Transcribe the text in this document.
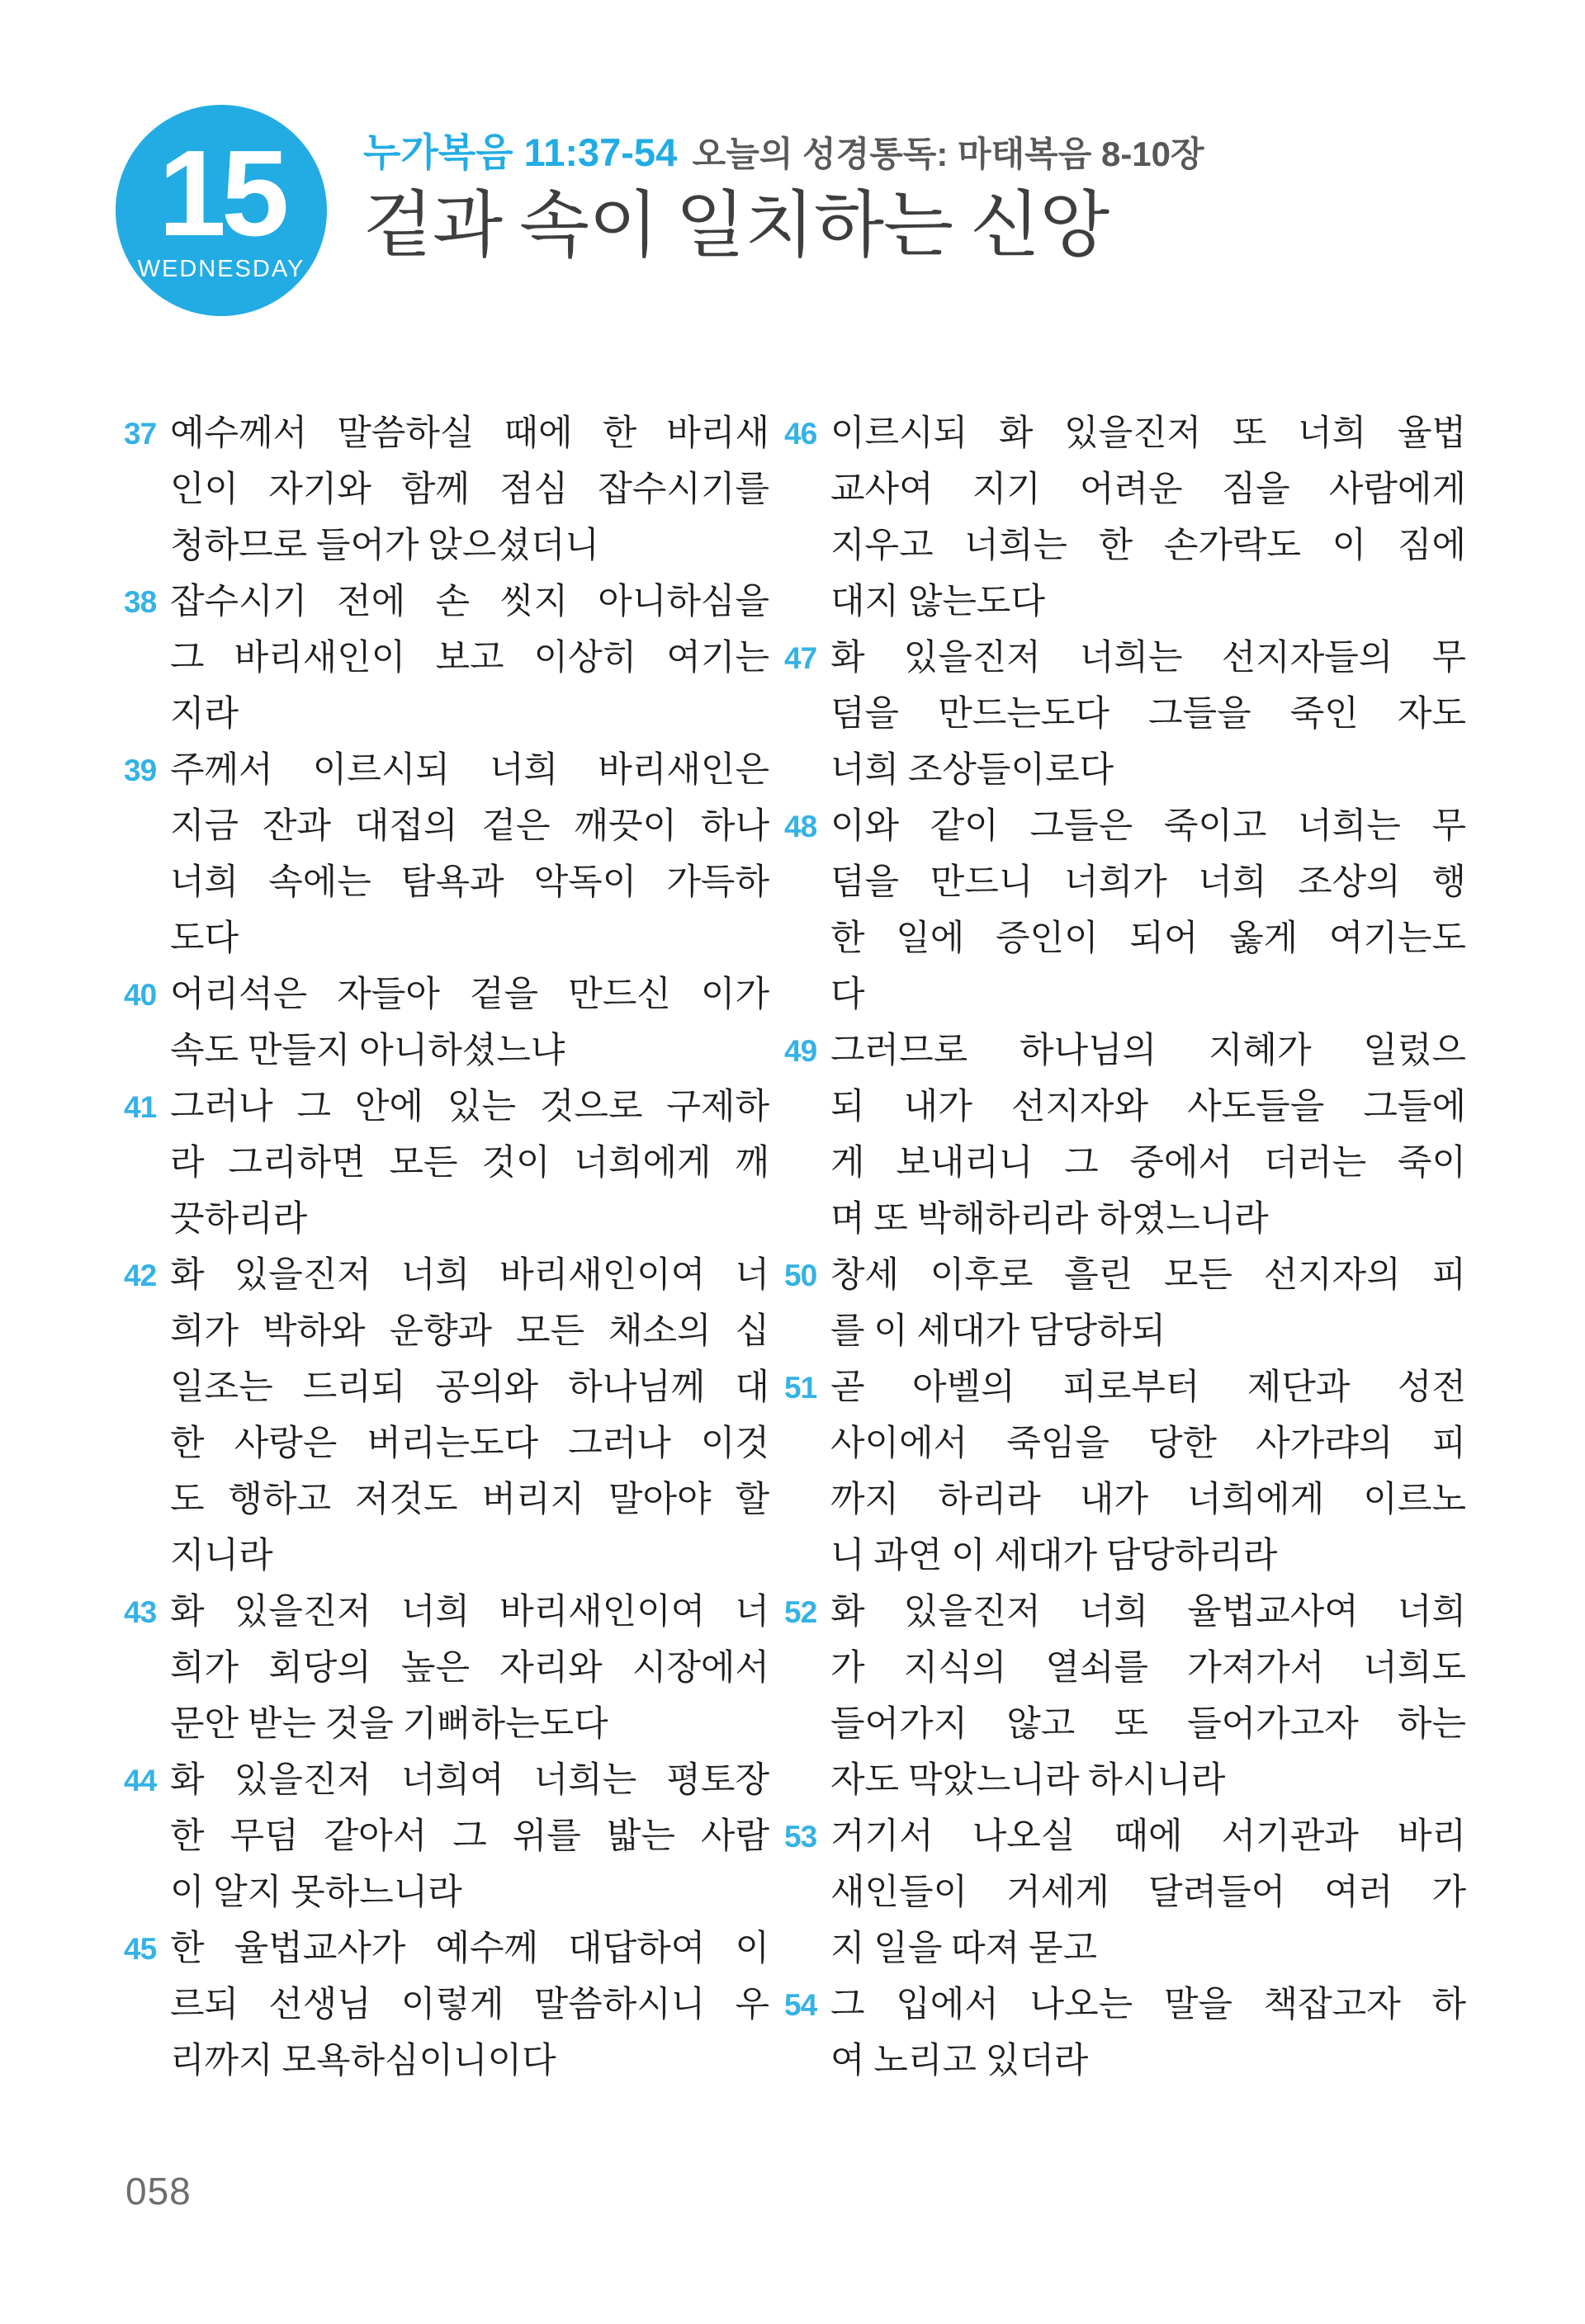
15
WEDNESDAY
누가복음 11:37-54 오늘의 성경통독: 마태복음 8-10장
겉과 속이 일치하는 신앙
37 예수께서 말씀하실 때에 한 바리새
인이 자기와 함께 점심 잡수시기를
청하므로 들어가 앉으셨더니
38 잡수시기 전에 손 씻지 아니하심을
그 바리새인이 보고 이상히 여기는
지라
39 주께서 이르시되 너희 바리새인은
지금 잔과 대접의 겉은 깨끗이 하나
너희 속에는 탐욕과 악독이 가득하
도다
40 어리석은 자들아 겉을 만드신 이가
속도 만들지 아니하셨느냐
41 그러나 그 안에 있는 것으로 구제하
라 그리하면 모든 것이 너희에게 깨
끗하리라
42 화 있을진저 너희 바리새인이여 너
희가 박하와 운향과 모든 채소의 십
일조는 드리되 공의와 하나님께 대
한 사랑은 버리는도다 그러나 이것
도 행하고 저것도 버리지 말아야 할
지니라
43 화 있을진저 너희 바리새인이여 너
희가 회당의 높은 자리와 시장에서
문안 받는 것을 기뻐하는도다
44 화 있을진저 너희여 너희는 평토장
한 무덤 같아서 그 위를 밟는 사람
이 알지 못하느니라
45 한 율법교사가 예수께 대답하여 이
르되 선생님 이렇게 말씀하시니 우
리까지 모욕하심이니이다
46 이르시되 화 있을진저 또 너희 율법
교사여 지기 어려운 짐을 사람에게
지우고 너희는 한 손가락도 이 짐에
대지 않는도다
47 화 있을진저 너희는 선지자들의 무
덤을 만드는도다 그들을 죽인 자도
너희 조상들이로다
48 이와 같이 그들은 죽이고 너희는 무
덤을 만드니 너희가 너희 조상의 행
한 일에 증인이 되어 옳게 여기는도
다
49 그러므로 하나님의 지혜가 일렀으
되 내가 선지자와 사도들을 그들에
게 보내리니 그 중에서 더러는 죽이
며 또 박해하리라 하였느니라
50 창세 이후로 흘린 모든 선지자의 피
를 이 세대가 담당하되
51 곧 아벨의 피로부터 제단과 성전
사이에서 죽임을 당한 사가랴의 피
까지 하리라 내가 너희에게 이르노
니 과연 이 세대가 담당하리라
52 화 있을진저 너희 율법교사여 너희
가 지식의 열쇠를 가져가서 너희도
들어가지 않고 또 들어가고자 하는
자도 막았느니라 하시니라
53 거기서 나오실 때에 서기관과 바리
새인들이 거세게 달려들어 여러 가
지 일을 따져 묻고
54 그 입에서 나오는 말을 책잡고자 하
여 노리고 있더라
058
